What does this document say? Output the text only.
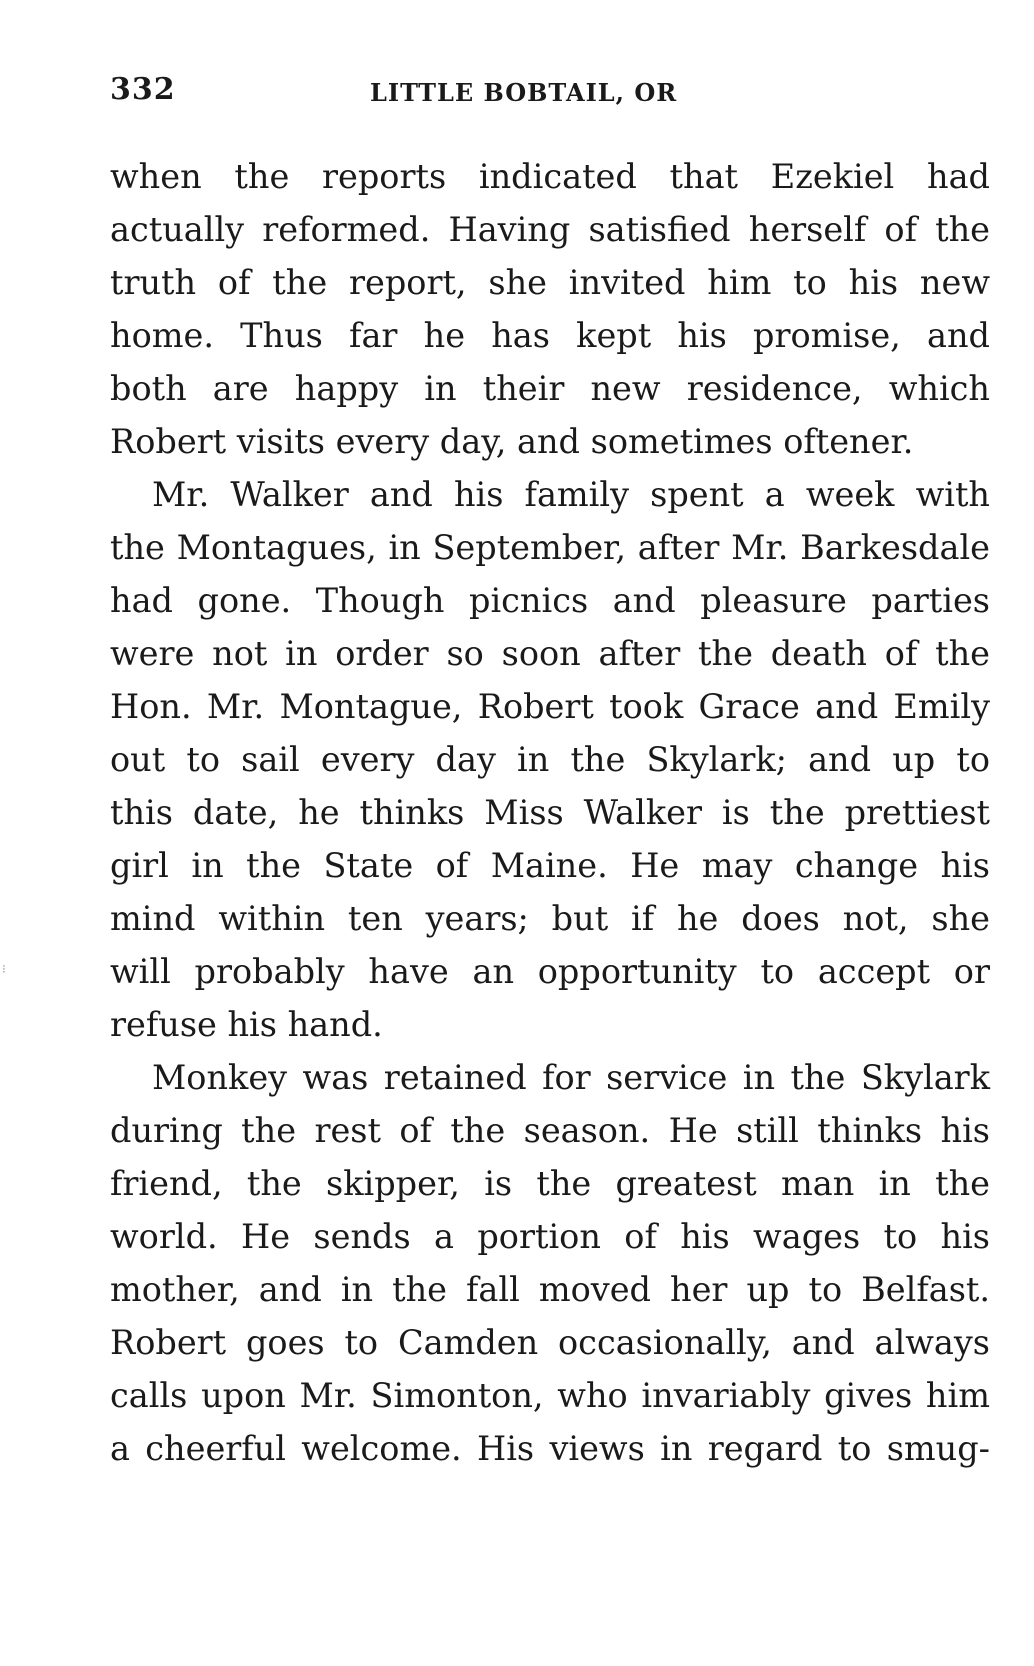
332	LITTLE BOBTAIL, OR
when the reports indicated that Ezekiel had
actually reformed. Having satisfied herself of the
truth of the report, she invited him to his new
home. Thus far he has kept his promise, and
both are happy in their new residence, which
Robert visits every day, and sometimes oftener.
Mr. Walker and his family spent a week with
the Montagues, in September, after Mr. Barkesdale
had gone. Though picnics and pleasure parties
were not in order so soon after the death of the
Hon. Mr. Montague, Robert took Grace and Emily
out to sail every day in the Skylark; and up to
this date, he thinks Miss Walker is the prettiest
girl in the State of Maine. He may change his
mind within ten years; but if he does not, she
will probably have an opportunity to accept or
refuse his hand.
Monkey was retained for service in the Skylark
during the rest of the season. He still thinks his
friend, the skipper, is the greatest man in the
world. He sends a portion of his wages to his
mother, and in the fall moved her up to Belfast.
Robert goes to Camden occasionally, and always
calls upon Mr. Simonton, who invariably gives him
a cheerful welcome. His views in regard to smug-
⁝
